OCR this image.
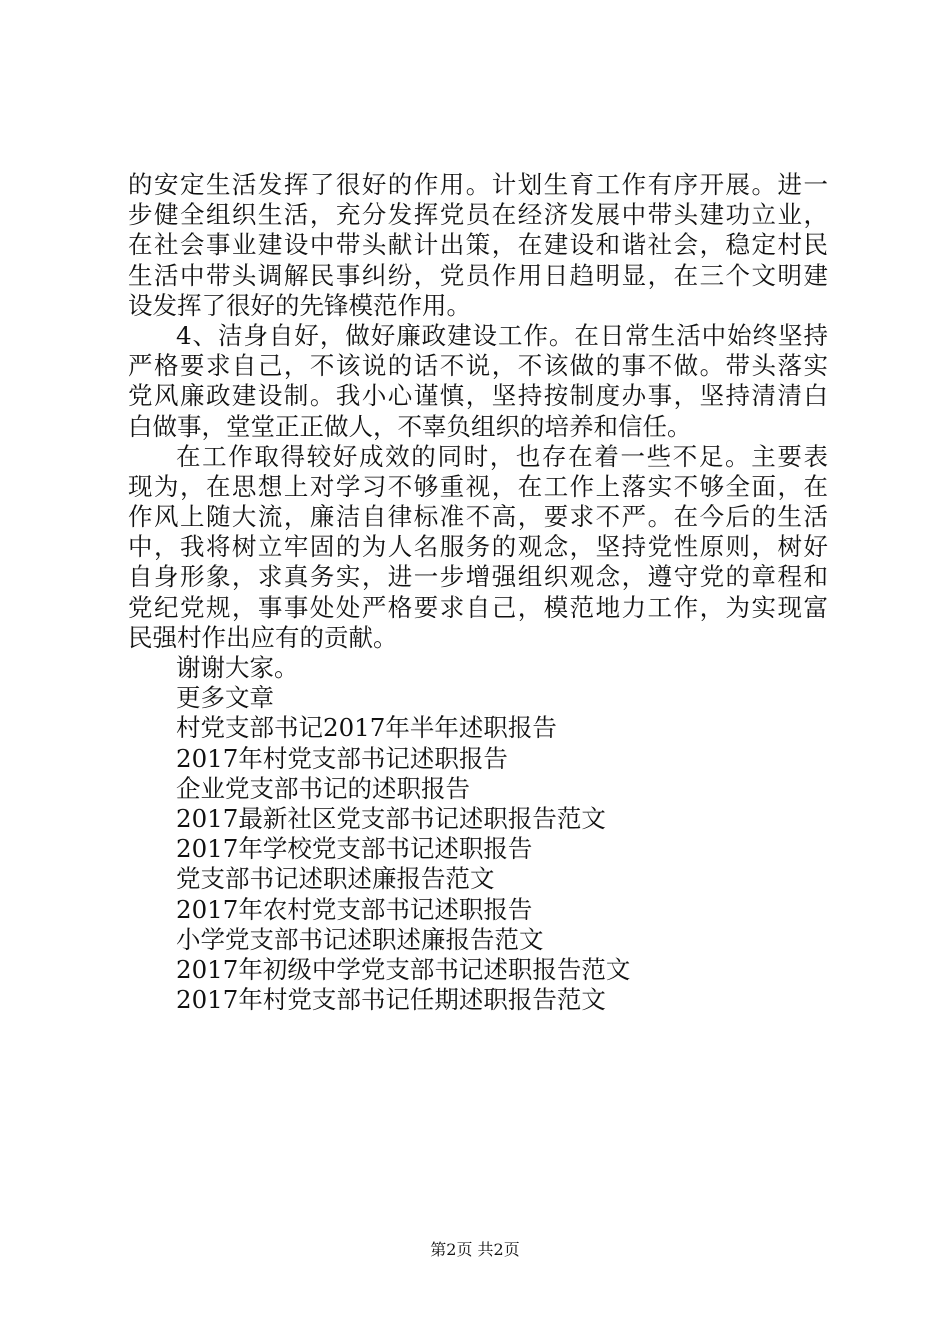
的安定生活发挥了很好的作用。计划生育工作有序开展。进一
步健全组织生活，充分发挥党员在经济发展中带头建功立业，
在社会事业建设中带头献计出策，在建设和谐社会，稳定村民
生活中带头调解民事纠纷，党员作用日趋明显，在三个文明建
设发挥了很好的先锋模范作用。
4、洁身自好，做好廉政建设工作。在日常生活中始终坚持
严格要求自己，不该说的话不说，不该做的事不做。带头落实
党风廉政建设制。我小心谨慎，坚持按制度办事，坚持清清白
白做事，堂堂正正做人，不辜负组织的培养和信任。
在工作取得较好成效的同时，也存在着一些不足。主要表
现为，在思想上对学习不够重视，在工作上落实不够全面，在
作风上随大流，廉洁自律标准不高，要求不严。在今后的生活
中，我将树立牢固的为人名服务的观念，坚持党性原则，树好
自身形象，求真务实，进一步增强组织观念，遵守党的章程和
党纪党规，事事处处严格要求自己，模范地力工作，为实现富
民强村作出应有的贡献。
谢谢大家。
更多文章
村党支部书记2017年半年述职报告
2017年村党支部书记述职报告
企业党支部书记的述职报告
2017最新社区党支部书记述职报告范文
2017年学校党支部书记述职报告
党支部书记述职述廉报告范文
2017年农村党支部书记述职报告
小学党支部书记述职述廉报告范文
2017年初级中学党支部书记述职报告范文
2017年村党支部书记任期述职报告范文
第2页 共2页
